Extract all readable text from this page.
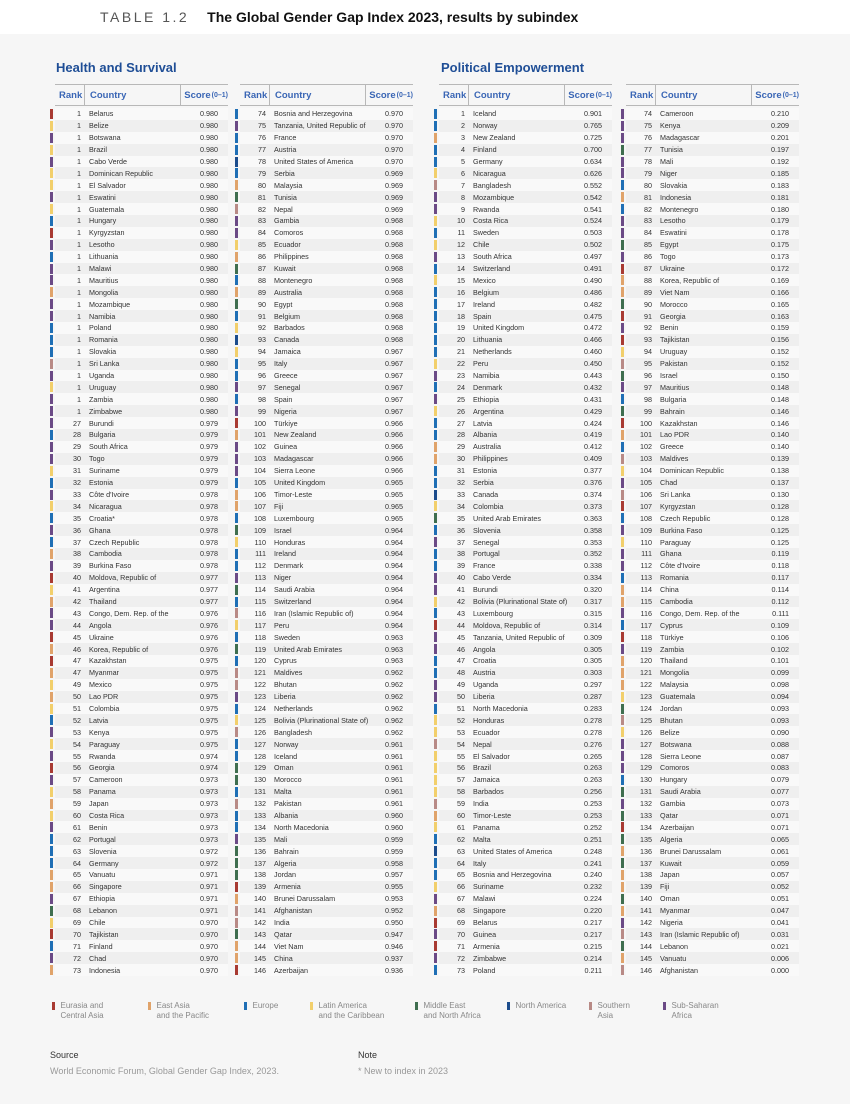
TABLE 1.2 The Global Gender Gap Index 2023, results by subindex
Health and Survival	Political Empowerment
Rank Country	Score (0–1)
1	Belarus	0.980
1	Belize	0.980
1	Botswana	0.980
1	Brazil	0.980
1	Cabo Verde	0.980
1	Dominican Republic	0.980
1	El Salvador	0.980
1	Eswatini	0.980
1	Guatemala	0.980
1	Hungary	0.980
1	Kyrgyzstan	0.980
1	Lesotho	0.980
1	Lithuania	0.980
1	Malawi	0.980
1	Mauritius	0.980
1	Mongolia	0.980
1	Mozambique	0.980
1	Namibia	0.980
1	Poland	0.980
1	Romania	0.980
1	Slovakia	0.980
1	Sri Lanka	0.980
1	Uganda	0.980
1	Uruguay	0.980
1	Zambia	0.980
1	Zimbabwe	0.980
27	Burundi	0.979
28	Bulgaria	0.979
29	South Africa	0.979
30	Togo	0.979
31	Suriname	0.979
32	Estonia	0.979
33	Côte d'Ivoire	0.978
34	Nicaragua	0.978
35	Croatia*	0.978
36	Ghana	0.978
37	Czech Republic	0.978
38	Cambodia	0.978
39	Burkina Faso	0.978
40	Moldova, Republic of	0.977
41	Argentina	0.977
42	Thailand	0.977
43	Congo, Dem. Rep. of the	0.976
44	Angola	0.976
45	Ukraine	0.976
46	Korea, Republic of	0.976
47	Kazakhstan	0.975
47	Myanmar	0.975
49	Mexico	0.975
50	Lao PDR	0.975
51	Colombia	0.975
52	Latvia	0.975
53	Kenya	0.975
54	Paraguay	0.975
55	Rwanda	0.974
56	Georgia	0.974
57	Cameroon	0.973
58	Panama	0.973
59	Japan	0.973
60	Costa Rica	0.973
61	Benin	0.973
62	Portugal	0.973
63	Slovenia	0.972
64	Germany	0.972
65	Vanuatu	0.971
66	Singapore	0.971
67	Ethiopia	0.971
68	Lebanon	0.971
69	Chile	0.970
70	Tajikistan	0.970
71	Finland	0.970
72	Chad	0.970
73	Indonesia	0.970
Rank Country	Score (0–1)
74	Bosnia and Herzegovina	0.970
75	Tanzania, United Republic of	0.970
76	France	0.970
77	Austria	0.970
78	United States of America	0.970
79	Serbia	0.969
80	Malaysia	0.969
81	Tunisia	0.969
82	Nepal	0.969
83	Gambia	0.968
84	Comoros	0.968
85	Ecuador	0.968
86	Philippines	0.968
87	Kuwait	0.968
88	Montenegro	0.968
89	Australia	0.968
90	Egypt	0.968
91	Belgium	0.968
92	Barbados	0.968
93	Canada	0.968
94	Jamaica	0.967
95	Italy	0.967
96	Greece	0.967
97	Senegal	0.967
98	Spain	0.967
99	Nigeria	0.967
100	Türkiye	0.966
101	New Zealand	0.966
102	Guinea	0.966
103	Madagascar	0.966
104	Sierra Leone	0.966
105	United Kingdom	0.965
106	Timor-Leste	0.965
107	Fiji	0.965
108	Luxembourg	0.965
109	Israel	0.964
110	Honduras	0.964
111	Ireland	0.964
112	Denmark	0.964
113	Niger	0.964
114	Saudi Arabia	0.964
115	Switzerland	0.964
116	Iran (Islamic Republic of)	0.964
117	Peru	0.964
118	Sweden	0.963
119	United Arab Emirates	0.963
120	Cyprus	0.963
121	Maldives	0.962
122	Bhutan	0.962
123	Liberia	0.962
124	Netherlands	0.962
125	Bolivia (Plurinational State of)	0.962
126	Bangladesh	0.962
127	Norway	0.961
128	Iceland	0.961
129	Oman	0.961
130	Morocco	0.961
131	Malta	0.961
132	Pakistan	0.961
133	Albania	0.960
134	North Macedonia	0.960
135	Mali	0.959
136	Bahrain	0.959
137	Algeria	0.958
138	Jordan	0.957
139	Armenia	0.955
140	Brunei Darussalam	0.953
141	Afghanistan	0.952
142	India	0.950
143	Qatar	0.947
144	Viet Nam	0.946
145	China	0.937
146	Azerbaijan	0.936
Rank Country	Score (0–1)
1	Iceland	0.901
2	Norway	0.765
3	New Zealand	0.725
4	Finland	0.700
5	Germany	0.634
6	Nicaragua	0.626
7	Bangladesh	0.552
8	Mozambique	0.542
9	Rwanda	0.541
10	Costa Rica	0.524
11	Sweden	0.503
12	Chile	0.502
13	South Africa	0.497
14	Switzerland	0.491
15	Mexico	0.490
16	Belgium	0.486
17	Ireland	0.482
18	Spain	0.475
19	United Kingdom	0.472
20	Lithuania	0.466
21	Netherlands	0.460
22	Peru	0.450
23	Namibia	0.443
24	Denmark	0.432
25	Ethiopia	0.431
26	Argentina	0.429
27	Latvia	0.424
28	Albania	0.419
29	Australia	0.412
30	Philippines	0.409
31	Estonia	0.377
32	Serbia	0.376
33	Canada	0.374
34	Colombia	0.373
35	United Arab Emirates	0.363
36	Slovenia	0.358
37	Senegal	0.353
38	Portugal	0.352
39	France	0.338
40	Cabo Verde	0.334
41	Burundi	0.320
42	Bolivia (Plurinational State of)	0.317
43	Luxembourg	0.315
44	Moldova, Republic of	0.314
45	Tanzania, United Republic of	0.309
46	Angola	0.305
47	Croatia	0.305
48	Austria	0.303
49	Uganda	0.297
50	Liberia	0.287
51	North Macedonia	0.283
52	Honduras	0.278
53	Ecuador	0.278
54	Nepal	0.276
55	El Salvador	0.265
56	Brazil	0.263
57	Jamaica	0.263
58	Barbados	0.256
59	India	0.253
60	Timor-Leste	0.253
61	Panama	0.252
62	Malta	0.251
63	United States of America	0.248
64	Italy	0.241
65	Bosnia and Herzegovina	0.240
66	Suriname	0.232
67	Malawi	0.224
68	Singapore	0.220
69	Belarus	0.217
70	Guinea	0.217
71	Armenia	0.215
72	Zimbabwe	0.214
73	Poland	0.211
Rank Country	Score (0–1)
74	Cameroon	0.210
75	Kenya	0.209
76	Madagascar	0.201
77	Tunisia	0.197
78	Mali	0.192
79	Niger	0.185
80	Slovakia	0.183
81	Indonesia	0.181
82	Montenegro	0.180
83	Lesotho	0.179
84	Eswatini	0.178
85	Egypt	0.175
86	Togo	0.173
87	Ukraine	0.172
88	Korea, Republic of	0.169
89	Viet Nam	0.166
90	Morocco	0.165
91	Georgia	0.163
92	Benin	0.159
93	Tajikistan	0.156
94	Uruguay	0.152
95	Pakistan	0.152
96	Israel	0.150
97	Mauritius	0.148
98	Bulgaria	0.148
99	Bahrain	0.146
100	Kazakhstan	0.146
101	Lao PDR	0.140
102	Greece	0.140
103	Maldives	0.139
104	Dominican Republic	0.138
105	Chad	0.137
106	Sri Lanka	0.130
107	Kyrgyzstan	0.128
108	Czech Republic	0.128
109	Burkina Faso	0.125
110	Paraguay	0.125
111	Ghana	0.119
112	Côte d'Ivoire	0.118
113	Romania	0.117
114	China	0.114
115	Cambodia	0.112
116	Congo, Dem. Rep. of the	0.111
117	Cyprus	0.109
118	Türkiye	0.106
119	Zambia	0.102
120	Thailand	0.101
121	Mongolia	0.099
122	Malaysia	0.098
123	Guatemala	0.094
124	Jordan	0.093
125	Bhutan	0.093
126	Belize	0.090
127	Botswana	0.088
128	Sierra Leone	0.087
129	Comoros	0.083
130	Hungary	0.079
131	Saudi Arabia	0.077
132	Gambia	0.073
133	Qatar	0.071
134	Azerbaijan	0.071
135	Algeria	0.065
136	Brunei Darussalam	0.061
137	Kuwait	0.059
138	Japan	0.057
139	Fiji	0.052
140	Oman	0.051
141	Myanmar	0.047
142	Nigeria	0.041
143	Iran (Islamic Republic of)	0.031
144	Lebanon	0.021
145	Vanuatu	0.006
146	Afghanistan	0.000
Eurasia and
Central Asia
East Asia
and the Pacific
Europe	Latin America
and the Caribbean
Middle East
and North Africa
North America	Southern
Asia
Sub-Saharan
Africa
Source
World Economic Forum, Global Gender Gap Index, 2023.
Note
* New to index in 2023
